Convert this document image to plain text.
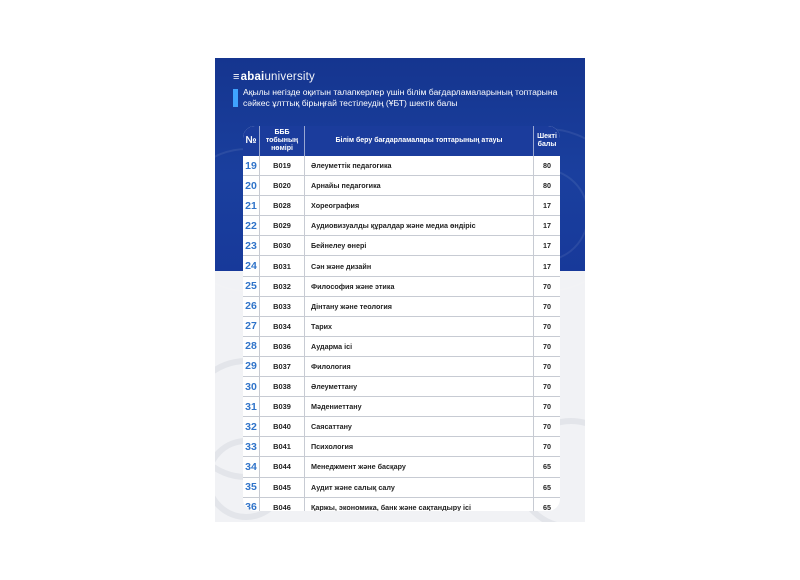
≡ abai university
Ақылы негізде оқитын талапкерлер үшін білім бағдарламаларының топтарына сәйкес ұлттық бірыңғай тестілеудің (ҰБТ) шектік балы
№	БББ тобының нөмірі	Білім беру бағдарламалары топтарының атауы	Шекті балы
19	B019	Әлеуметтік педагогика	80
20	B020	Арнайы педагогика	80
21	B028	Хореография	17
22	B029	Аудиовизуалды құралдар және медиа өндіріс	17
23	B030	Бейнелеу өнері	17
24	B031	Сән және дизайн	17
25	B032	Философия және этика	70
26	B033	Дінтану және теология	70
27	B034	Тарих	70
28	B036	Аударма ісі	70
29	B037	Филология	70
30	B038	Әлеуметтану	70
31	B039	Мәдениеттану	70
32	B040	Саясаттану	70
33	B041	Психология	70
34	B044	Менеджмент және басқару	65
35	B045	Аудит және салық салу	65
36	B046	Қаржы, экономика, банк және сақтандыру ісі	65
